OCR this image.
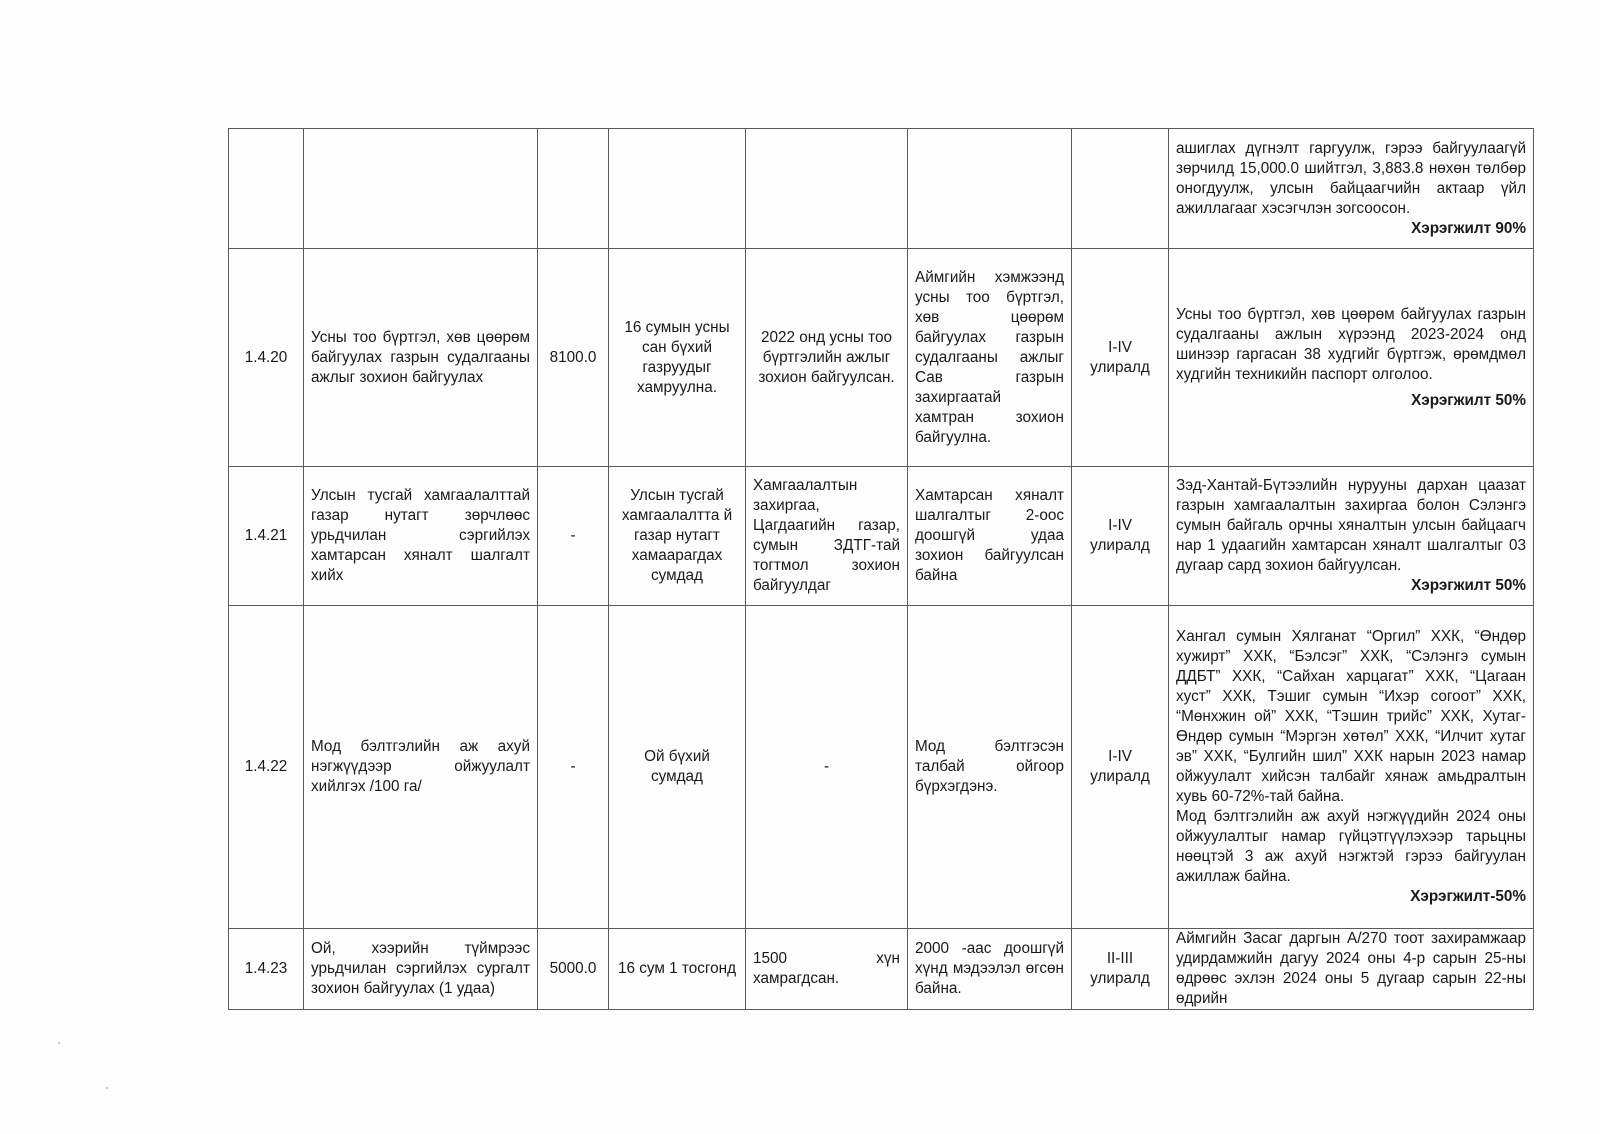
							ашиглах дүгнэлт гаргуулж, гэрээ байгуулаагүй зөрчилд 15,000.0 шийтгэл, 3,883.8 нөхөн төлбөр оногдуулж, улсын байцаагчийн актаар үйл ажиллагааг хэсэгчлэн зогсоосон.
Хэрэгжилт 90%

1.4.20	Усны тоо бүртгэл, хөв цөөрөм байгуулах газрын судалгааны ажлыг зохион байгуулах	8100.0	16 сумын усны сан бүхий газруудыг хамруулна.	2022 онд усны тоо бүртгэлийн ажлыг зохион байгуулсан.	Аймгийн хэмжээнд усны тоо бүртгэл, хөв цөөрөм байгуулах газрын судалгааны ажлыг Сав газрын захиргаатай хамтран зохион байгуулна.	I-IV улиралд	Усны тоо бүртгэл, хөв цөөрөм байгуулах газрын судалгааны ажлын хүрээнд 2023-2024 онд шинээр гаргасан 38 худгийг бүртгэж, өрөмдмөл худгийн техникийн паспорт олголоо.
Хэрэгжилт 50%

1.4.21	Улсын тусгай хамгаалалттай газар нутагт зөрчлөөс урьдчилан сэргийлэх хамтарсан хяналт шалгалт хийх	-	Улсын тусгай хамгаалалтта й газар нутагт хамаарагдах сумдад	Хамгаалалтын захиргаа, Цагдаагийн газар, сумын ЗДТГ-тай тогтмол зохион байгуулдаг	Хамтарсан хяналт шалгалтыг 2-оос доошгүй удаа зохион байгуулсан байна	I-IV улиралд	Зэд-Хантай-Бүтээлийн нурууны дархан цаазат газрын хамгаалалтын захиргаа болон Сэлэнгэ сумын байгаль орчны хяналтын улсын байцаагч нар 1 удаагийн хамтарсан хяналт шалгалтыг 03 дугаар сард зохион байгуулсан.
Хэрэгжилт 50%

1.4.22	Мод бэлтгэлийн аж ахуй нэгжүүдээр ойжуулалт хийлгэх /100 га/	-	Ой бүхий сумдад	-	Мод бэлтгэсэн талбай ойгоор бүрхэгдэнэ.	I-IV улиралд	Хангал сумын Хялганат “Оргил” ХХК, “Өндөр хужирт” ХХК, “Бэлсэг” ХХК, “Сэлэнгэ сумын ДДБТ” ХХК, “Сайхан харцагат” ХХК, “Цагаан хуст” ХХК, Тэшиг сумын “Ихэр согоот” ХХК, “Мөнхжин ой” ХХК, “Тэшин трийс” ХХК, Хутаг-Өндөр сумын “Мэргэн хөтөл” ХХК, “Илчит хутаг эв” ХХК, “Булгийн шил” ХХК нарын 2023 намар ойжуулалт хийсэн талбайг хянаж амьдралтын хувь 60-72%-тай байна.
Мод бэлтгэлийн аж ахуй нэгжүүдийн 2024 оны ойжуулалтыг намар гүйцэтгүүлэхээр тарьцны нөөцтэй 3 аж ахуй нэгжтэй гэрээ байгуулан ажиллаж байна.
Хэрэгжилт-50%

1.4.23	Ой, хээрийн түймрээс урьдчилан сэргийлэх сургалт зохион байгуулах (1 удаа)	5000.0	16 сум 1 тосгонд	1500 хүн хамрагдсан.	2000 -аас доошгүй хүнд мэдээлэл өгсөн байна.	II-III улиралд	Аймгийн Засаг даргын А/270 тоот захирамжаар удирдамжийн дагуу 2024 оны 4-р сарын 25-ны өдрөөс эхлэн 2024 оны 5 дугаар сарын 22-ны өдрийн
